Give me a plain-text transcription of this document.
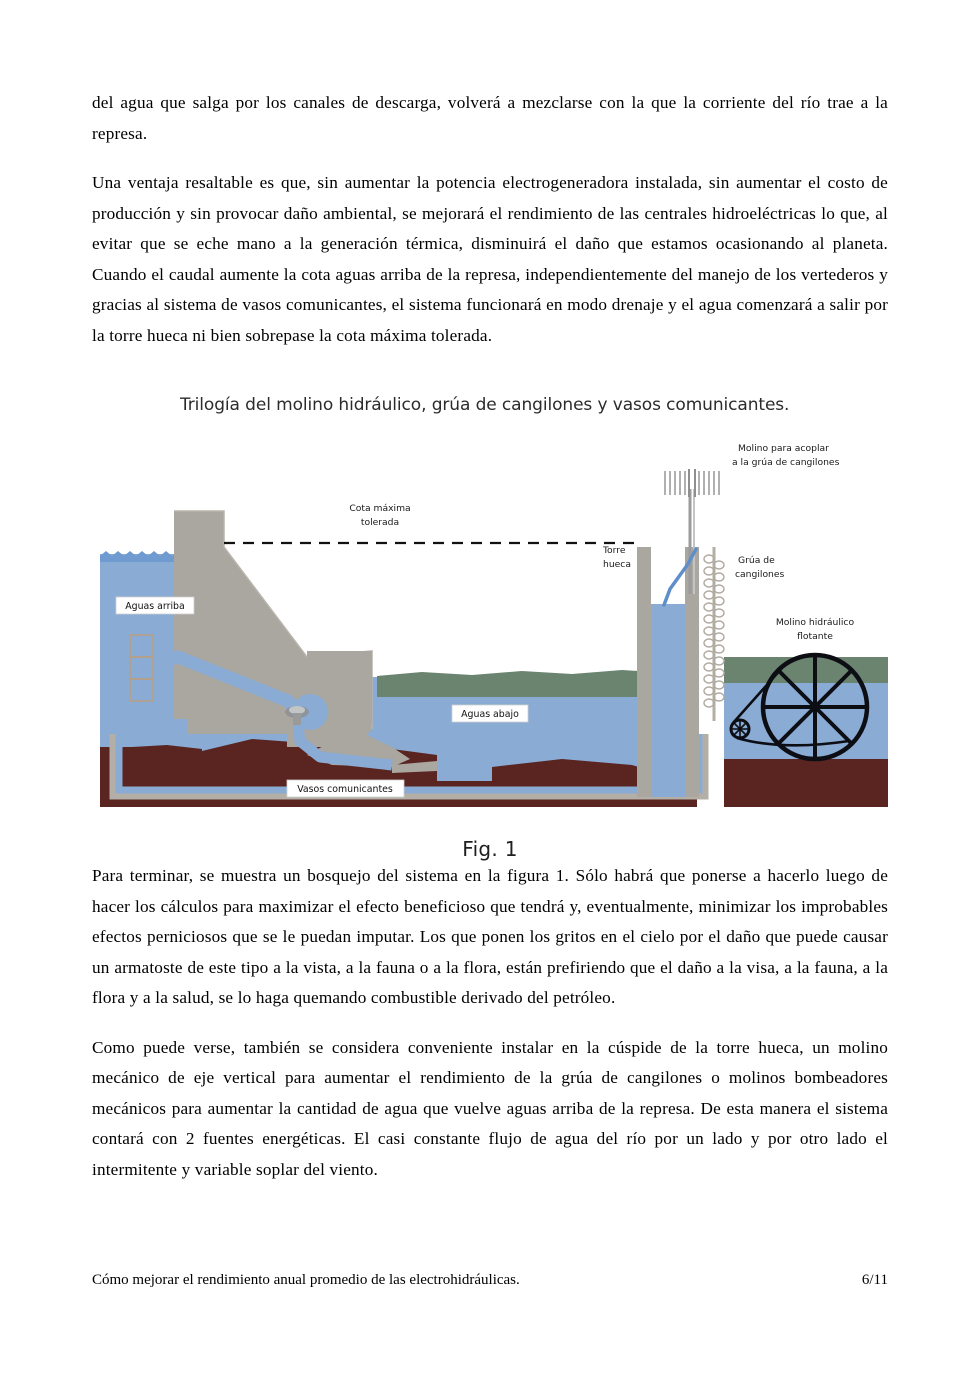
del agua que salga por los canales de descarga, volverá a mezclarse con la que la corriente del río trae a la represa.

Una ventaja resaltable es que, sin aumentar la potencia electrogeneradora instalada, sin aumentar el costo de producción y sin provocar daño ambiental, se mejorará el rendimiento de las centrales hidroeléctricas lo que, al evitar que se eche mano a la generación térmica, disminuirá el daño que estamos ocasionando al planeta. Cuando el caudal aumente la cota aguas arriba de la represa, independientemente del manejo de los vertederos y gracias al sistema de vasos comunicantes, el sistema funcionará en modo drenaje y el agua comenzará a salir por la torre hueca ni bien sobrepase la cota máxima tolerada.

Trilogía del molino hidráulico, grúa de cangilones y vasos comunicantes.
Cota máxima
tolerada
Torre
hueca
Molino para acoplar
a la grúa de cangilones
Grúa de
cangilones
Molino hidráulico
flotante
Aguas arriba
Aguas abajo
Vasos comunicantes
Fig. 1

Para terminar, se muestra un bosquejo del sistema en la figura 1. Sólo habrá que ponerse a hacerlo luego de hacer los cálculos para maximizar el efecto beneficioso que tendrá y, eventualmente, minimizar los improbables efectos perniciosos que se le puedan imputar. Los que ponen los gritos en el cielo por el daño que puede causar un armatoste de este tipo a la vista, a la fauna o a la flora, están prefiriendo que el daño a la visa, a la fauna, a la flora y a la salud, se lo haga quemando combustible derivado del petróleo.

Como puede verse, también se considera conveniente instalar en la cúspide de la torre hueca, un molino mecánico de eje vertical para aumentar el rendimiento de la grúa de cangilones o molinos bombeadores mecánicos para aumentar la cantidad de agua que vuelve aguas arriba de la represa. De esta manera el sistema contará con 2 fuentes energéticas. El casi constante flujo de agua del río por un lado y por otro lado el intermitente y variable soplar del viento.

Cómo mejorar el rendimiento anual promedio de las electrohidráulicas.	6/11
